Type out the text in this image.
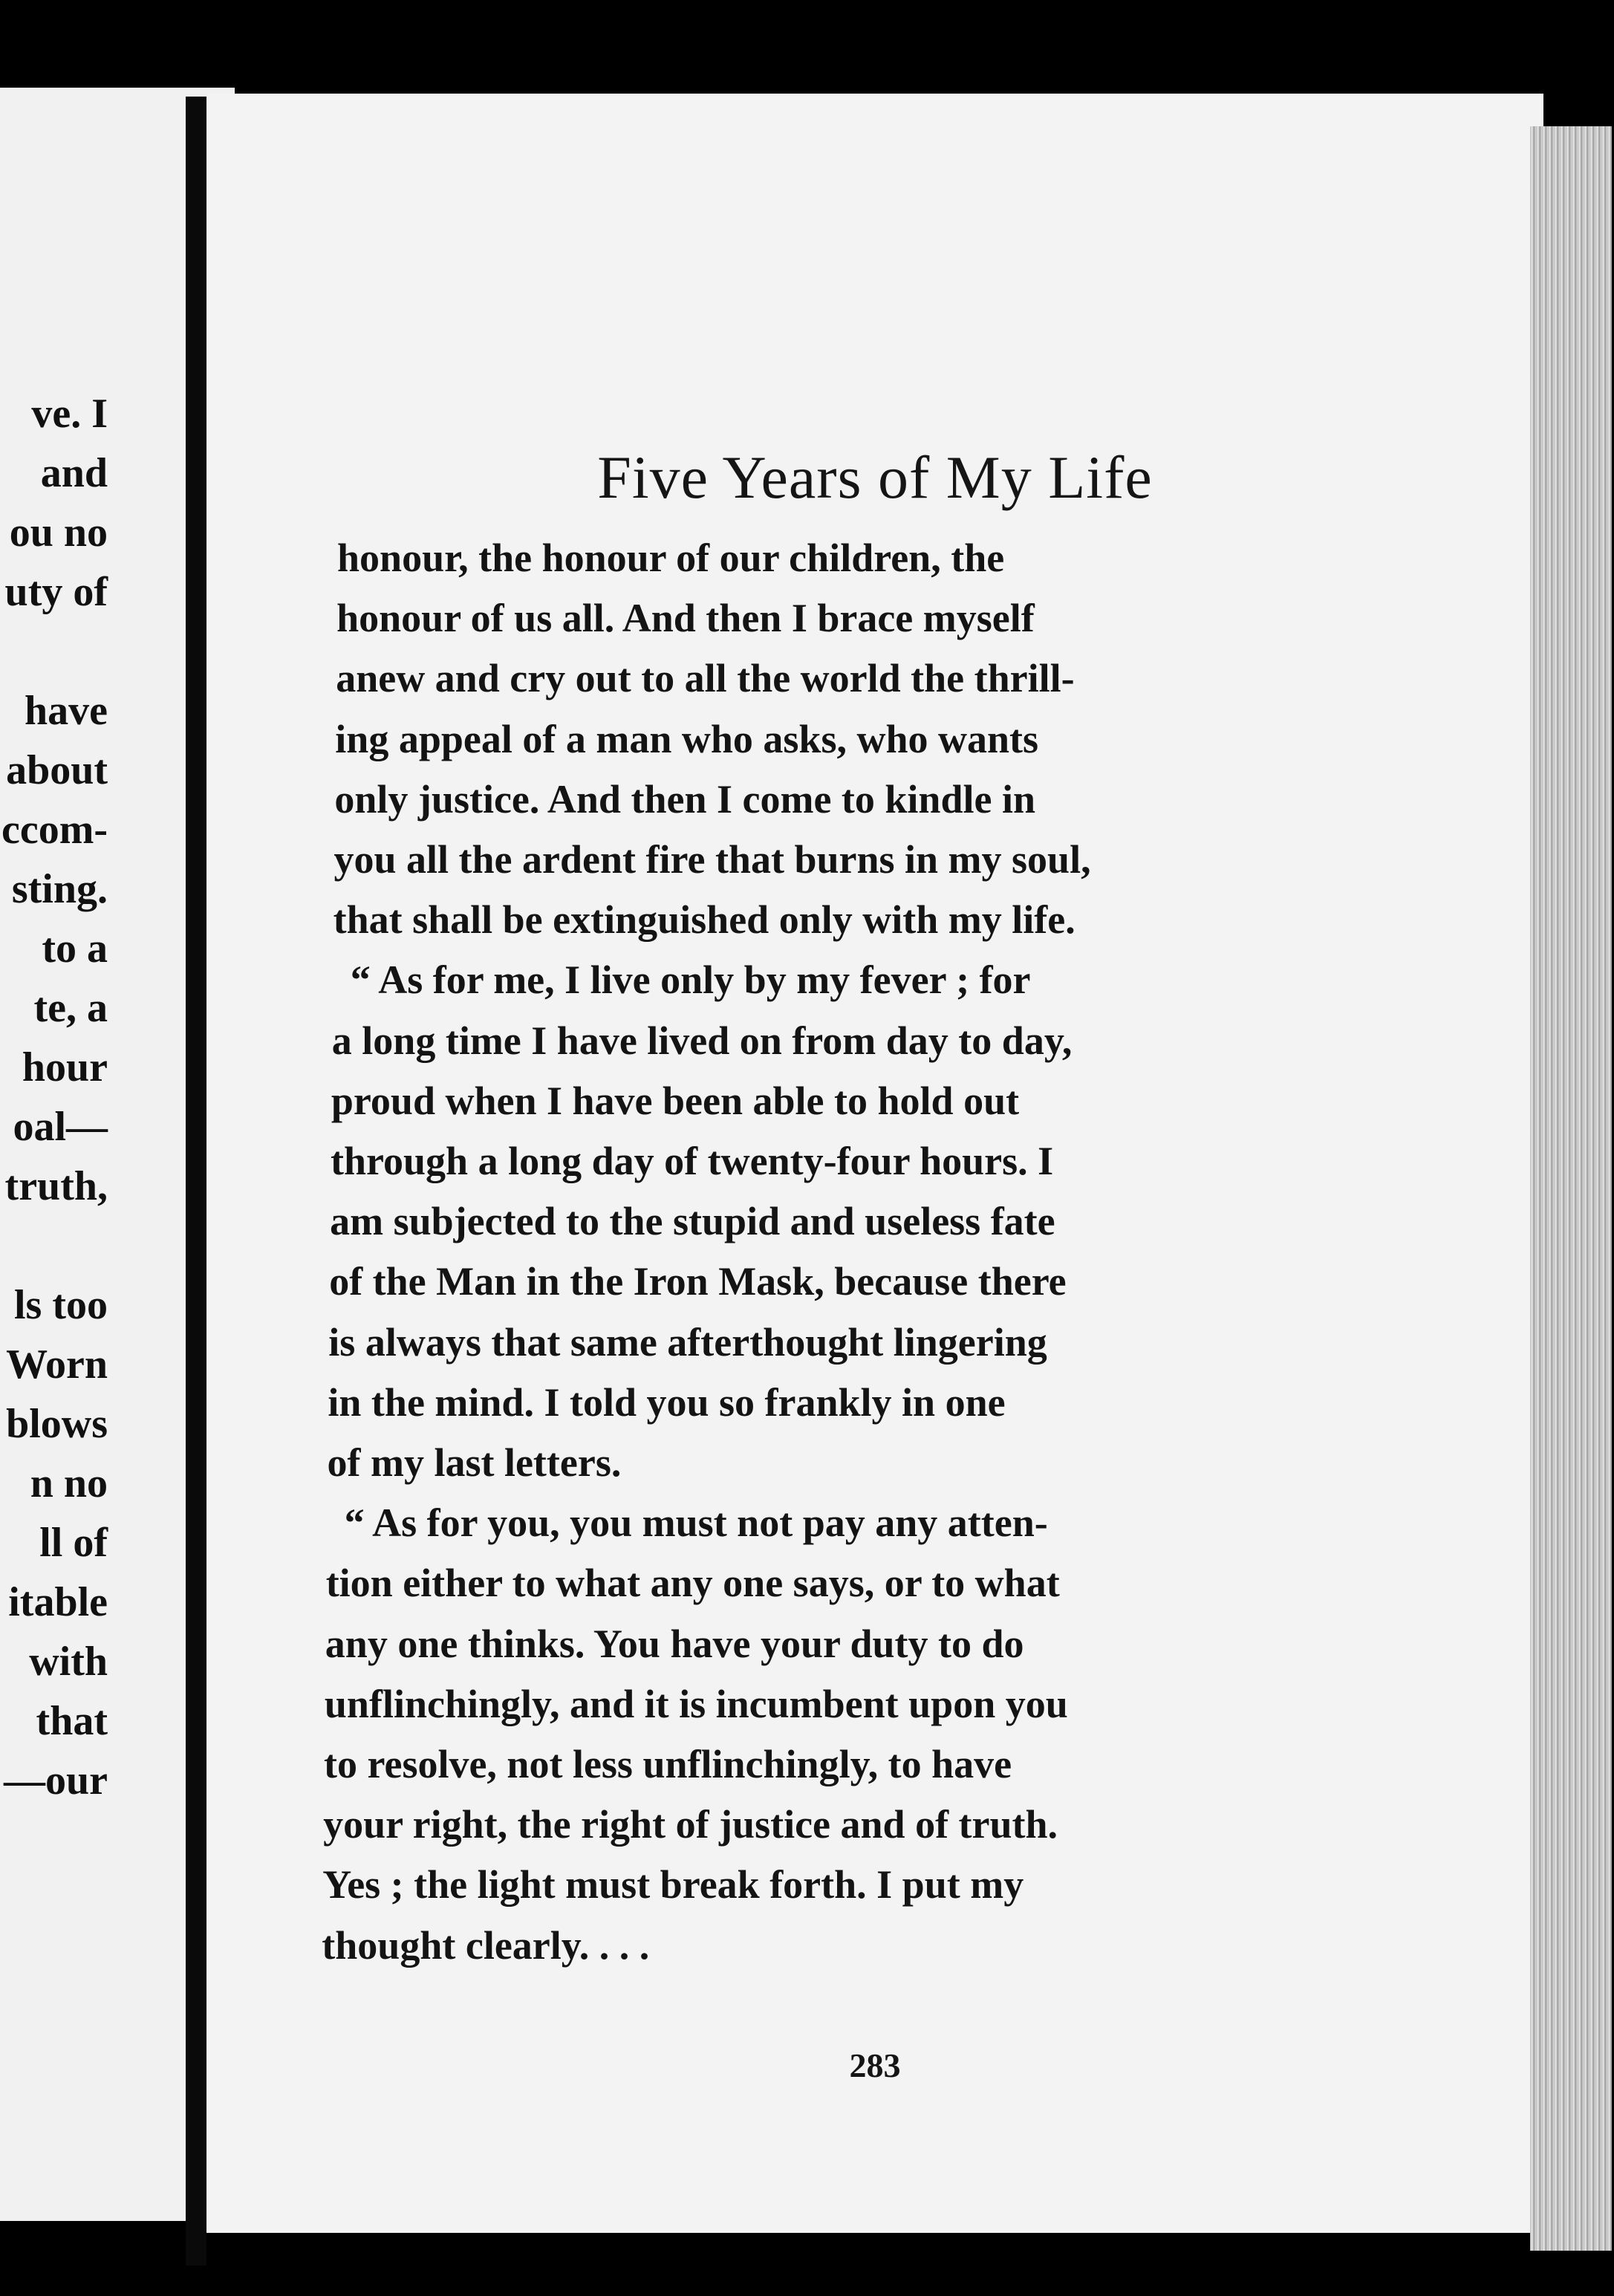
ve. I
and
ou no
uty of
have
about
ccom-
sting.
to a
te, a
hour
oal—
truth,
ls too
Worn
blows
n no
ll of
itable
with
that
—our
Five Years of My Life
honour, the honour of our children, the
honour of us all. And then I brace myself
anew and cry out to all the world the thrill-
ing appeal of a man who asks, who wants
only justice. And then I come to kindle in
you all the ardent fire that burns in my soul,
that shall be extinguished only with my life.
“ As for me, I live only by my fever ; for
a long time I have lived on from day to day,
proud when I have been able to hold out
through a long day of twenty-four hours. I
am subjected to the stupid and useless fate
of the Man in the Iron Mask, because there
is always that same afterthought lingering
in the mind. I told you so frankly in one
of my last letters.
“ As for you, you must not pay any atten-
tion either to what any one says, or to what
any one thinks. You have your duty to do
unflinchingly, and it is incumbent upon you
to resolve, not less unflinchingly, to have
your right, the right of justice and of truth.
Yes ; the light must break forth. I put my
thought clearly. . . .
283
